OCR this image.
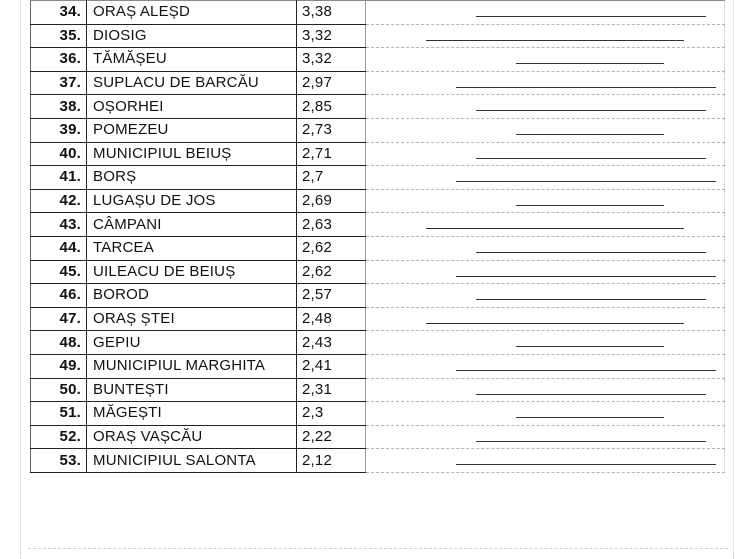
34.	ORAȘ ALEȘD	3,38	

35.	DIOSIG	3,32	

36.	TĂMĂȘEU	3,32	

37.	SUPLACU DE BARCĂU	2,97	

38.	OȘORHEI	2,85	

39.	POMEZEU	2,73	

40.	MUNICIPIUL BEIUȘ	2,71	

41.	BORȘ	2,7	

42.	LUGAȘU DE JOS	2,69	

43.	CÂMPANI	2,63	

44.	TARCEA	2,62	

45.	UILEACU DE BEIUȘ	2,62	

46.	BOROD	2,57	

47.	ORAȘ ȘTEI	2,48	

48.	GEPIU	2,43	

49.	MUNICIPIUL MARGHITA	2,41	

50.	BUNTEȘTI	2,31	

51.	MĂGEȘTI	2,3	

52.	ORAȘ VAȘCĂU	2,22	

53.	MUNICIPIUL SALONTA	2,12	
